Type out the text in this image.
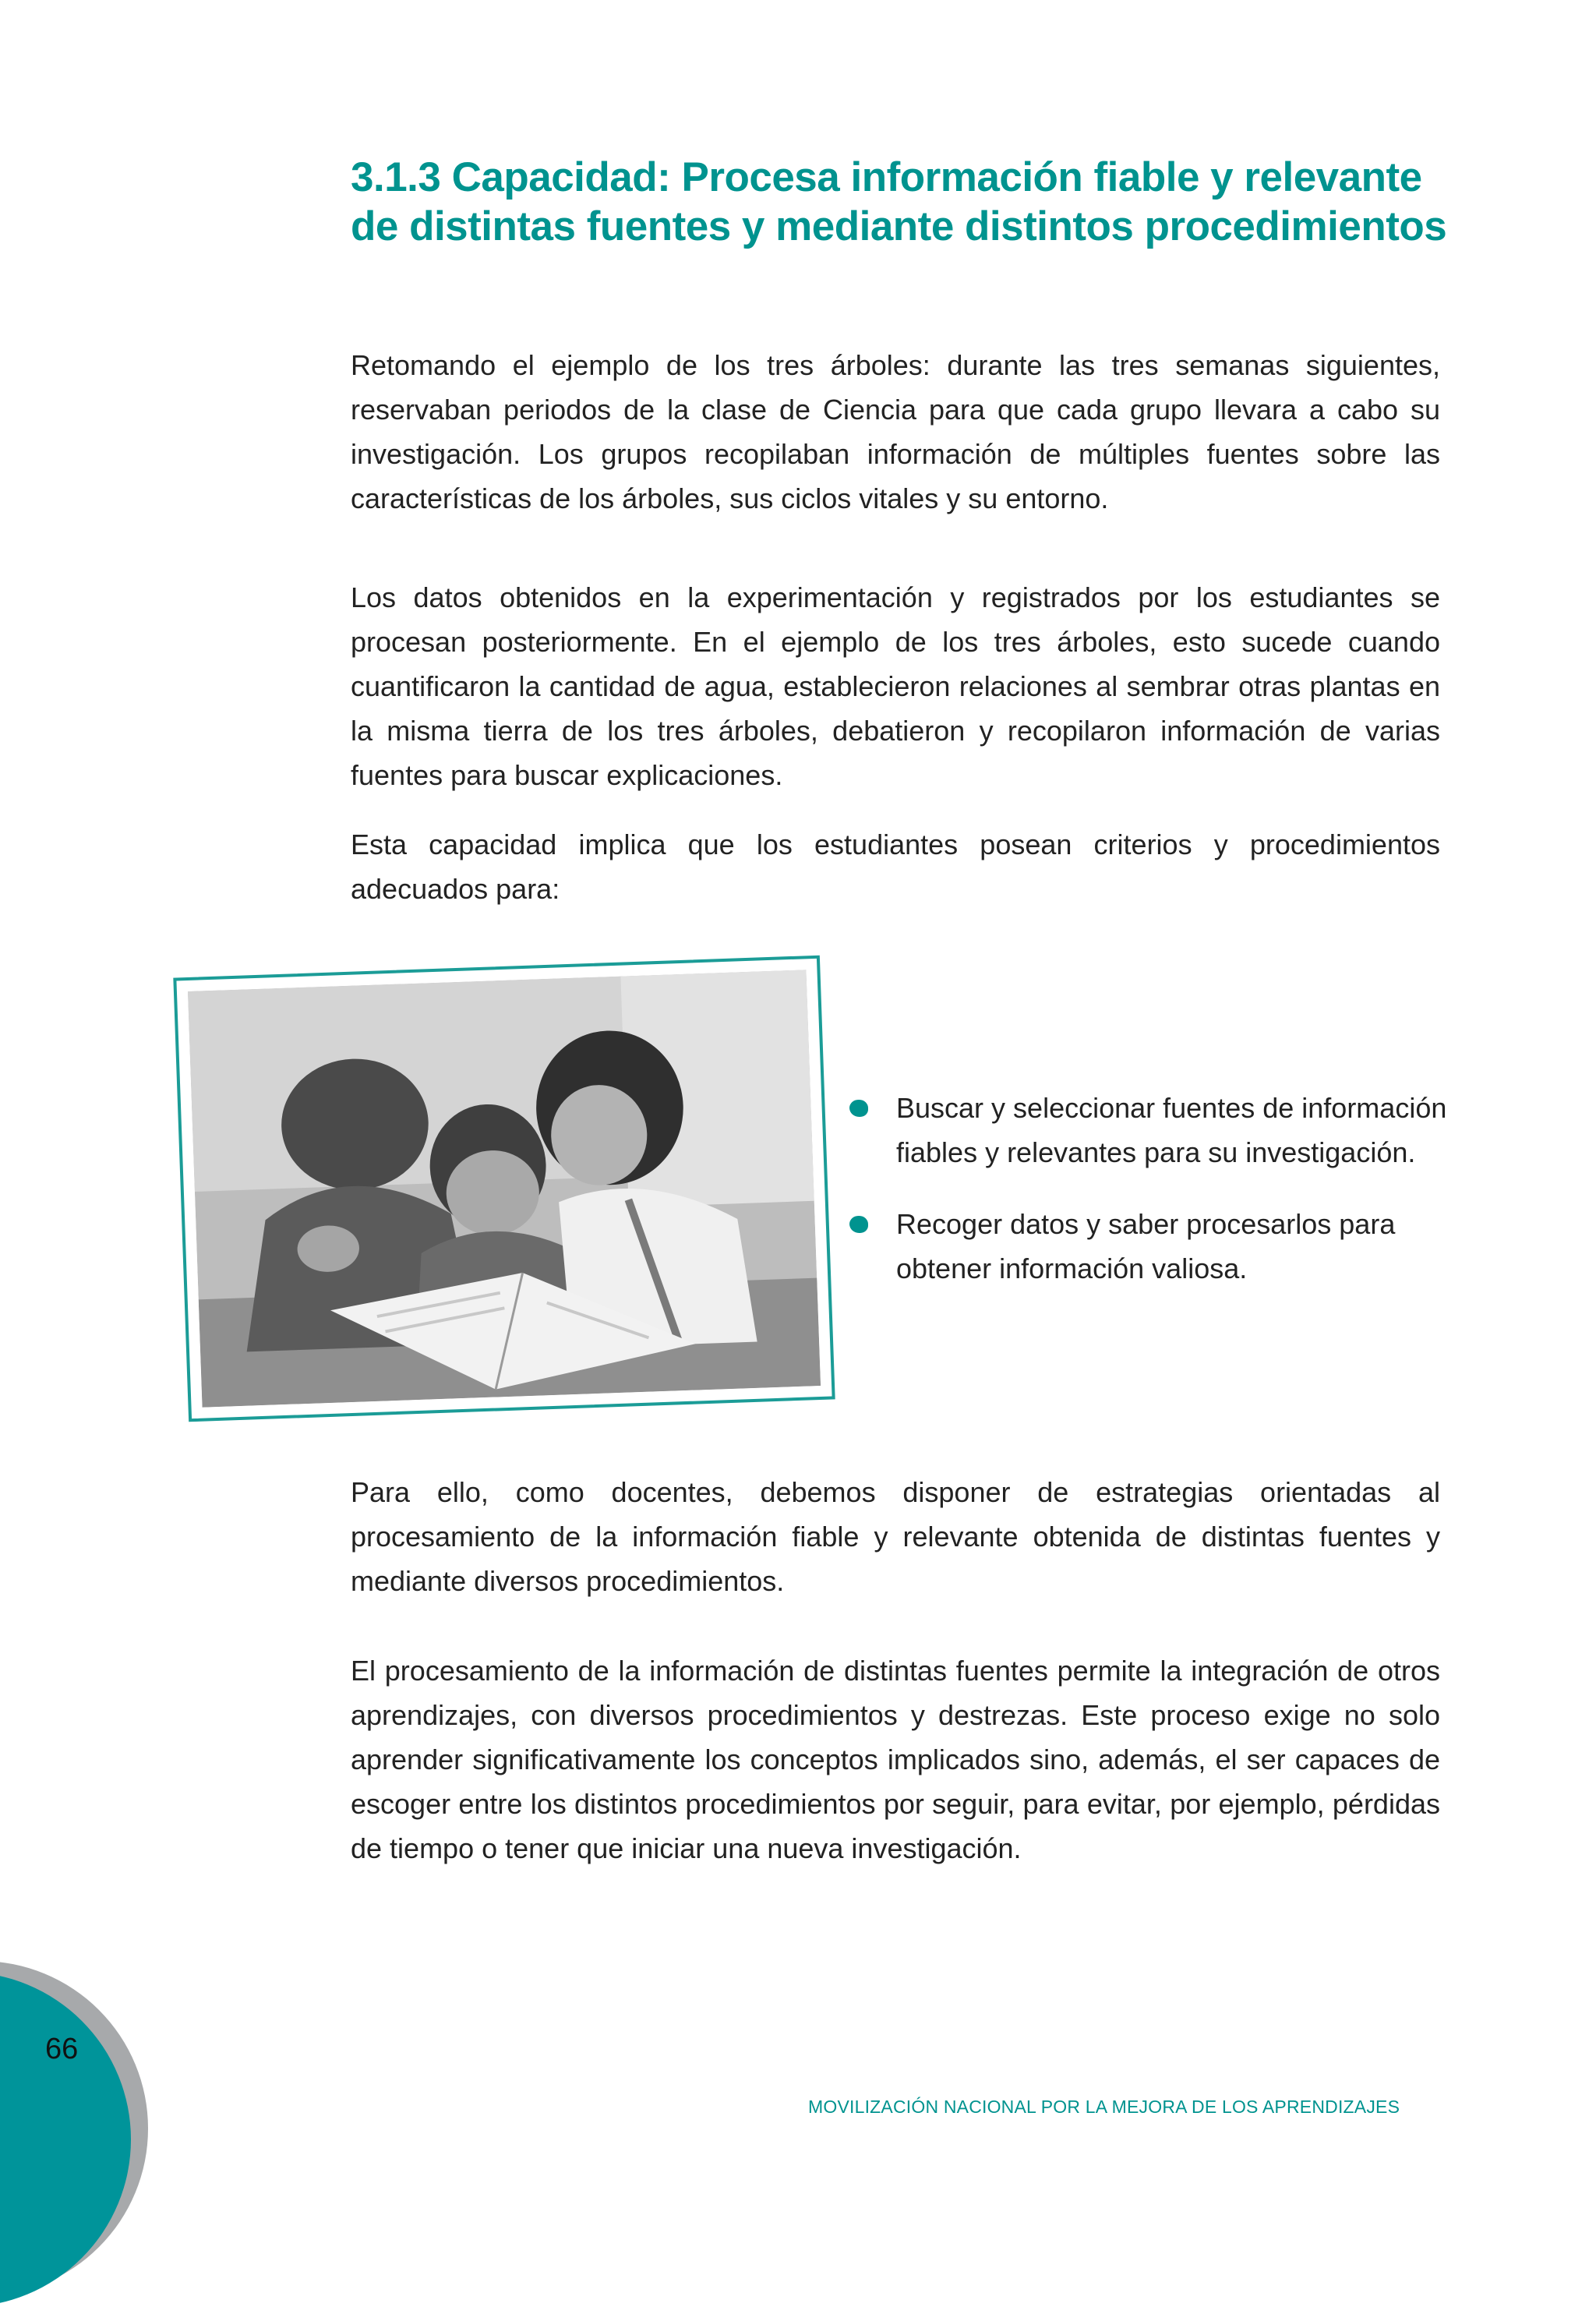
3.1.3 Capacidad: Procesa información fiable y relevante de distintas fuentes y mediante distintos procedimientos

Retomando el ejemplo de los tres árboles: durante las tres semanas siguientes, reservaban periodos de la clase de Ciencia para que cada grupo llevara a cabo su investigación. Los grupos recopilaban información de múltiples fuentes sobre las características de los árboles, sus ciclos vitales y su entorno.

Los datos obtenidos en la experimentación y registrados por los estudiantes se procesan posteriormente. En el ejemplo de los tres árboles, esto sucede cuando cuantificaron la cantidad de agua, establecieron relaciones al sembrar otras plantas en la misma tierra de los tres árboles, debatieron y recopilaron información de varias fuentes para buscar explicaciones.

Esta capacidad implica que los estudiantes posean criterios y procedimientos adecuados para:

Buscar y seleccionar fuentes de información fiables y relevantes para su investigación.
Recoger datos y saber procesarlos para obtener información valiosa.

Para ello, como docentes, debemos disponer de estrategias orientadas al procesamiento de la información fiable y relevante obtenida de distintas fuentes y mediante diversos procedimientos.

El procesamiento de la información de distintas fuentes permite la integración de otros aprendizajes, con diversos procedimientos y destrezas. Este proceso exige no solo aprender significativamente los conceptos implicados sino, además, el ser capaces de escoger entre los distintos procedimientos por seguir, para evitar, por ejemplo, pérdidas de tiempo o tener que iniciar una nueva investigación.

66
MOVILIZACIÓN NACIONAL POR LA MEJORA DE LOS APRENDIZAJES
